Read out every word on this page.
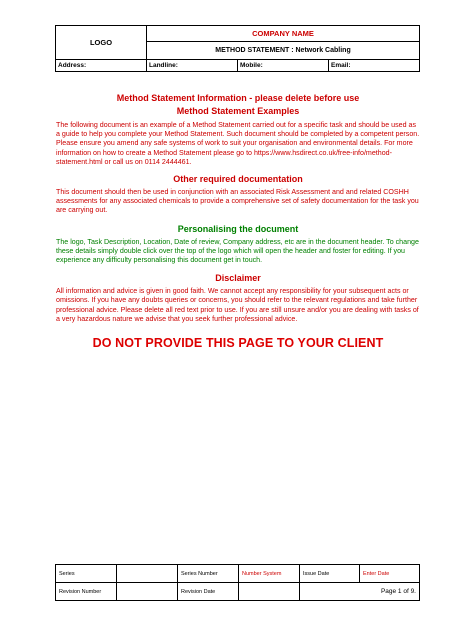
LOGO	COMPANY NAME		
	METHOD STATEMENT : Network Cabling		
Address:	Landline:	Mobile:	Email:

Method Statement Information - please delete before use

Method Statement Examples

The following document is an example of a Method Statement carried out for a specific task and should be used as a guide to help you complete your Method Statement. Such document should be completed by a competent person. Please ensure you amend any safe systems of work to suit your organisation and environmental details. For more information on how to create a Method Statement please go to https://www.hsdirect.co.uk/free-info/method-statement.html or call us on 0114 2444461.

Other required documentation

This document should then be used in conjunction with an associated Risk Assessment and and related COSHH assessments for any associated chemicals to provide a comprehensive set of safety documentation for the task you are carrying out.

Personalising the document

The logo, Task Description, Location, Date of review, Company address, etc are in the document header. To change these details simply double click over the top of the logo which will open the header and foster for editing. If you experience any difficulty personalising this document get in touch.

Disclaimer

All information and advice is given in good faith. We cannot accept any responsibility for your subsequent acts or omissions. If you have any doubts queries or concerns, you should refer to the relevant regulations and take further professional advice. Please delete all red text prior to use. If you are still unsure and/or you are dealing with tasks of a very hazardous nature we advise that you seek further professional advice.

DO NOT PROVIDE THIS PAGE TO YOUR CLIENT

Series		Series Number	Number System	Issue Date	Enter Date
Revision Number		Revision Date		Page 1 of 9.	
